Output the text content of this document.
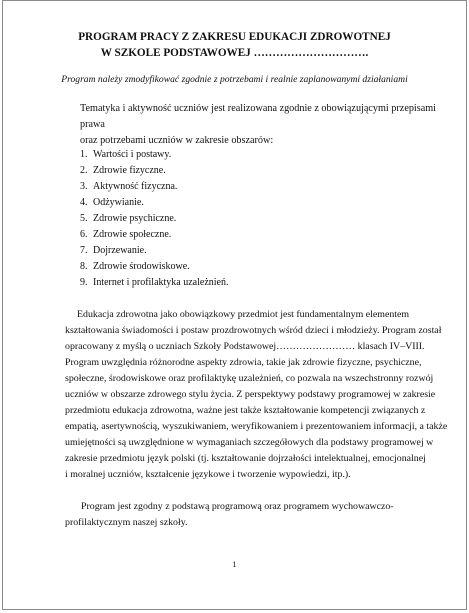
PROGRAM PRACY Z ZAKRESU EDUKACJI ZDROWOTNEJ
W SZKOLE PODSTAWOWEJ ………………………….
Program należy zmodyfikować zgodnie z potrzebami i realnie zaplanowanymi działaniami
Tematyka i aktywność uczniów jest realizowana zgodnie z obowiązującymi przepisami prawa
oraz potrzebami uczniów w zakresie obszarów:
1. Wartości i postawy.
2. Zdrowie fizyczne.
3. Aktywność fizyczna.
4. Odżywianie.
5. Zdrowie psychiczne.
6. Zdrowie społeczne.
7. Dojrzewanie.
8. Zdrowie środowiskowe.
9. Internet i profilaktyka uzależnień.
Edukacja zdrowotna jako obowiązkowy przedmiot jest fundamentalnym elementem
kształtowania świadomości i postaw prozdrowotnych wśród dzieci i młodzieży. Program został
opracowany z myślą o uczniach Szkoły Podstawowej…………………… klasach IV–VIII.
Program uwzględnia różnorodne aspekty zdrowia, takie jak zdrowie fizyczne, psychiczne,
społeczne, środowiskowe oraz profilaktykę uzależnień, co pozwala na wszechstronny rozwój
uczniów w obszarze zdrowego stylu życia. Z perspektywy podstawy programowej w zakresie
przedmiotu edukacja zdrowotna, ważne jest także kształtowanie kompetencji związanych z
empatią, asertywnością, wyszukiwaniem, weryfikowaniem i prezentowaniem informacji, a także
umiejętności są uwzględnione w wymaganiach szczegółowych dla podstawy programowej w
zakresie przedmiotu język polski (tj. kształtowanie dojrzałości intelektualnej, emocjonalnej
i moralnej uczniów, kształcenie językowe i tworzenie wypowiedzi, itp.).
Program jest zgodny z podstawą programową oraz programem wychowawczo-
profilaktycznym naszej szkoły.
1
